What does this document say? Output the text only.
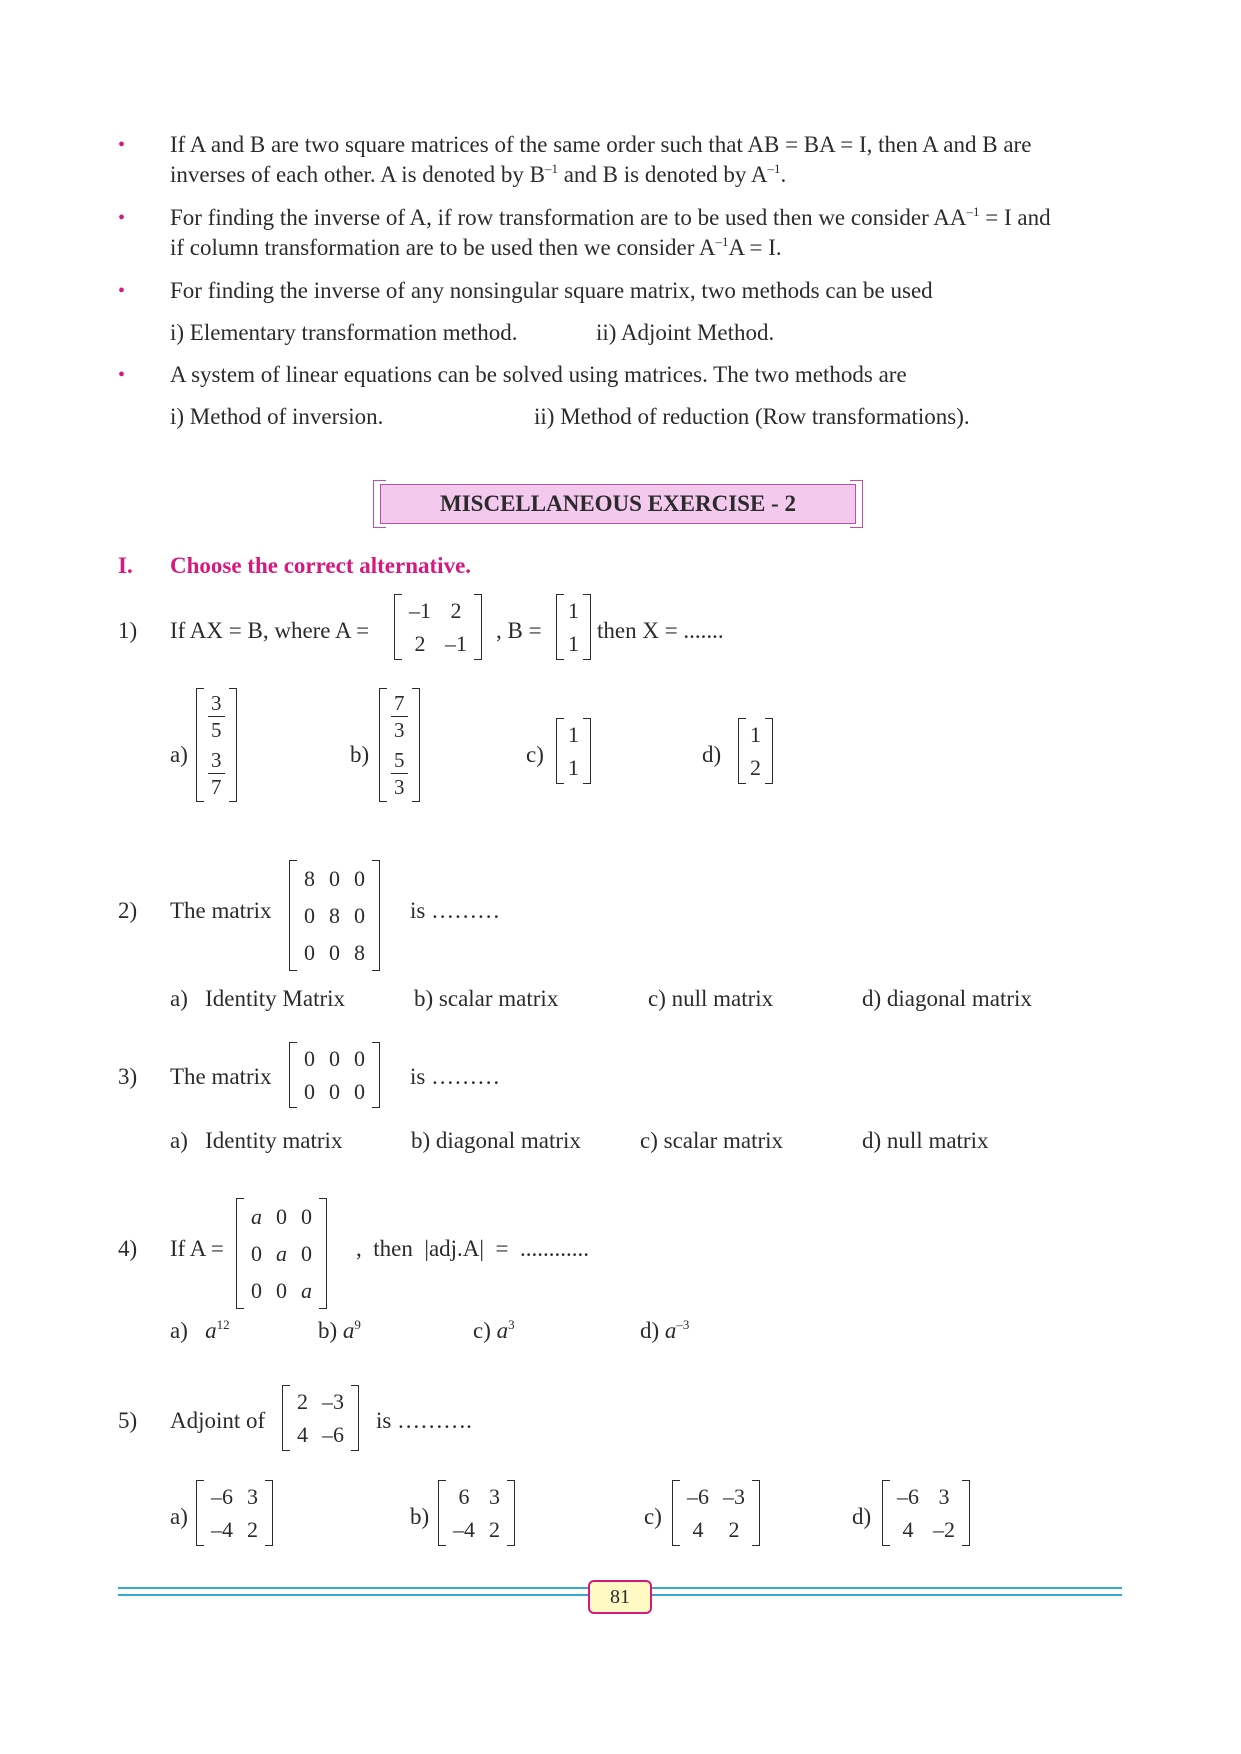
• If A and B are two square matrices of the same order such that AB = BA = I, then A and B are
inverses of each other. A is denoted by $B^{-1}$ and B is denoted by $A^{-1}$.
• For finding the inverse of A, if row transformation are to be used then we consider $AA^{-1} = I$ and
if column transformation are to be used then we consider $A^{-1}A = I$.
• For finding the inverse of any nonsingular square matrix, two methods can be used
i) Elementary transformation method.	ii) Adjoint Method.
• A system of linear equations can be solved using matrices. The two methods are
i) Method of inversion.	ii) Method of reduction (Row transformations).
MISCELLANEOUS EXERCISE - 2
I. Choose the correct alternative.
1) If AX = B, where A =
–1	2
2	–1
, B =
1
1
then X = .......
a)
3
5
3
7
b)
7
3
5
3
c)
1
1
d)
1
2
2) The matrix
8	0	0
0	8	0
0	0	8
is ………
a)   Identity Matrix	b) scalar matrix	c) null matrix	d) diagonal matrix
3) The matrix
0	0	0
0	0	0
is ………
a)   Identity matrix	b) diagonal matrix	c) scalar matrix	d) null matrix
4) If A =
a	0	0
0	a	0
0	0	a
,  then  |adj.A|  =  ............
a) $a^{12}$	b) $a^9$	c) $a^3$	d) $a^{-3}$
5) Adjoint of
2	–3
4	–6
is ……….
a)
–6	3
–4	2
b)
6	3
–4	2
c)
–6	–3
4	2
d)
–6	3
4	–2
81
